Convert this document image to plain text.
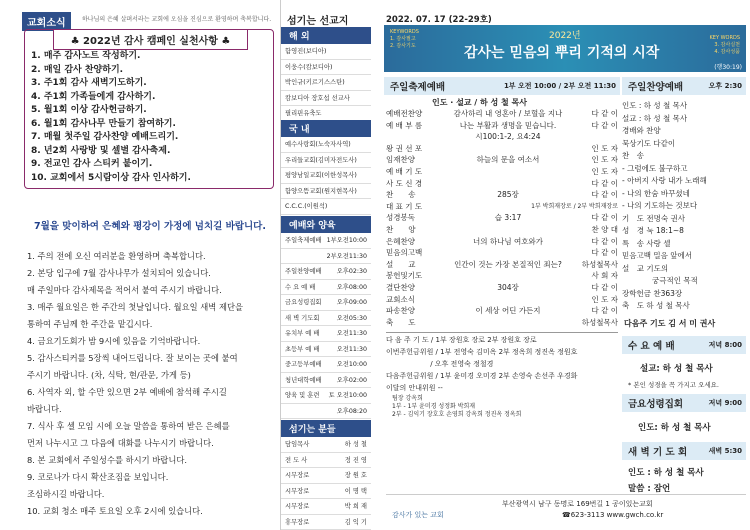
교회소식	하나님의 은혜 살펴서라는 교회에 오심을 진심으로 환영하며 축복합니다.
♣ 2022년 감사 캠페인 실천사항 ♣
1. 매주 감사노트 작성하기.
2. 매일 감사 찬양하기.
3. 주1회 감사 새벽기도하기.
4. 주1회 가족들에게 감사하기.
5. 월1회 이상 감사헌금하기.
6. 월1회 감사나무 만들기 참여하기.
7. 매월 첫주일 감사찬양 예배드리기.
8. 년2회 사랑방 및 셀별 감사축제.
9. 전교인 감사 스티커 붙이기.
10. 교회에서 5시람이상 감사 인사하기.
7월을 맞이하여 은혜와 평강이 가정에 넘치길 바랍니다.
1. 주의 전에 오신 여러분을 환영하며 축복합니다.
2. 본당 입구에 7월 감사나무가 설치되어 있습니다.
매 주일마다 감사제목을 적어서 붙여 주시기 바랍니다.
3. 매주 월요일은 한 주간의 첫날입니다. 월요일 새벽 제단을
통하여 주님께 한 주간을 맡깁시다.
4. 금요기도회가 밤 9시에 있음을 기억바랍니다.
5. 감사스티커를 5장씩 내어드립니다. 잘 보이는 곳에 붙여
주시기 바랍니다. (차, 식탁, 현/관문, 가게 등)
6. 사역자 외, 할 수만 있으면 2부 예배에 참석해 주시길
바랍니다.
7. 식사 후 셀 모임 시에 오늘 말씀을 통하여 받은 은혜를
먼저 나누시고 그 다음에 대화를 나누시기 바랍니다.
8. 본 교회에서 주일성수를 하시기 바랍니다.
9. 코로나가 다시 확산조짐을 보입니다.
조심하시길 바랍니다.
10. 교회 청소 매주 토요일 오후 2시에 있습니다.
섬기는 선교지
해 외
함영진(보디아)
이웅수(캄보디아)
박인규(키르기스스탄)
캄보디아 장호섭 선교사
필리핀유축도
국 내
예수사랑회(노숙자사역)
우리들교회(김미자전도사)
평양남일교회(이한성목사)
함양으뜸교회(원지현목사)
C.C.C.(이원석)
예배와 양육
주일축제예배 1부오전10:00
2부오전11:30
주일찬양예배 오후02:30
수 요 예 배	오후08:00
금요성령집회 오후09:00
새 벽 기도회	오전05:30
유치부 예 배	오전11:30
초등부 예 배	오전11:30
중고등부예배 오전10:00
청년대학예배 오후02:00
양육 및 훈련 토 오전10:00
오후08:20
섬기는 분들
담임목사	하 성 철
전 도 사	정 진 영
시무장로	장 원 호
시무장로	이 명 택
시무장로	박 희 재
휴무장로	김 익 기
2022. 07. 17 (22-29호)
KEYWORDS
1. 감사필고
2. 감사기도
2022년
감사는 믿음의 뿌리 기적의 시작
KEY WORDS
3. 감사실천
4. 감사성품
(행30:19)
주일축제예배	1부 오전 10:00 / 2부 오전 11:30
인도 · 설교 / 하 성 철 목사
예배전찬양	감사하리 내 영혼아 / 보혈을 지나	다 같 이
예 배 부 름	나는 부활과 생명을 믿습니다.	다 같 이
시100:1-2, 요4:24
왕 권 선 포	인 도 자
임재찬양	하늘의 문을 여소서	인 도 자
예 배 기 도	인 도 자
사 도 신 경	다 같 이
찬　　송	285장	다 같 이
대 표 기 도	1부 박희재장로 / 2부 박희재장로
성경봉독	습 3:17	다 같 이
찬　　양	찬 양 대
은혜찬양	너의 하나님 여호와가	다 같 이
믿음의고백	다 같 이
설　　교	인간이 것는 가장 본질적인 죄는?	하성철목사
봉헌및기도	사 회 자
결단찬양	304장	다 같 이
교회소식	인 도 자
파송찬양	이 세상 어딘 가든지	다 같 이
축　　도	하성철목사
주일찬양예배	오후 2:30
인도 : 하 성 철 목사
설교 : 하 성 철 목사
경배와 찬양
묵상기도 다같이
찬　송
- 그럼에도 불구하고
- 아버지 사랑 내가 노래해
- 나의 한숨 바꾸셨네
- 나의 기도하는 것보다
기　도 전명숙 권사
성　경 눅 18:1~8
특　송 사랑 셀
믿음고백 밀음 앞에서
설　교 기도의
　　　　궁극적인 목적
장학헌금 찬363장
축　도 하 성 철 목사
다음주 기도 김 서 미 권사
수 요 예 배	저녁 8:00
설교: 하 성 철 목사
* 본인 성경을 꼭 가지고 오세요.
금요성령집회	저녁 9:00
인도: 하 성 철 목사
새 벽 기 도 회	새벽 5:30
인도 : 하 성 철 목사
말씀 : 잠언
다 음 주 기 도 / 1부 장원호 장로 2부 장원호 장로
이번주헌금위원 / 1부 전영숙 김미옥 2부 정옥희 정진옥 정원호
　　　　　　 / 오후 전영숙 정철경
다음주헌금위원 / 1부 윤미경 오미경 2부 손영숙 손선주 우경화
이달의 안내위원 --
　팀장 강옥희
　1부 - 1부 윤미경 성정화 박희재
　2부 - 김익기 장호호 손영희 강옥희 정진옥 정옥희
감사가 있는 교회
부산광역시 남구 동명로 169번길 1 공이있는교회
☎623-3113 www.gwch.co.kr
